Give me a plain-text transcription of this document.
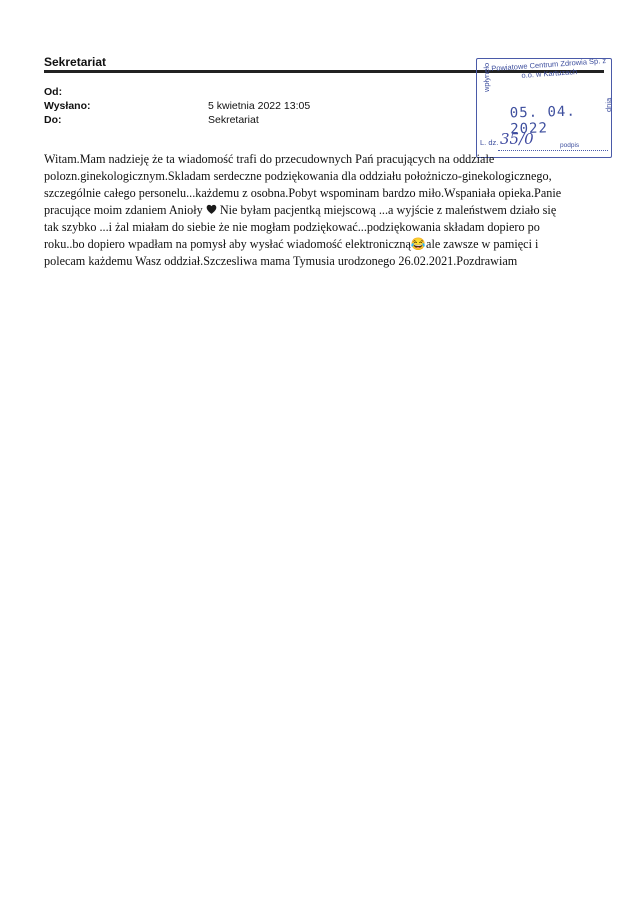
Sekretariat
Od:
Wysłano:	5 kwietnia 2022 13:05
Do:	Sekretariat
Powiatowe Centrum Zdrowia Sp. z o.o. w Kartuzach
wpłynęło
05. 04. 2022
dnia
L. dz. 35/0	podpis
Witam.Mam nadzieję że ta wiadomość trafi do przecudownych Pań pracujących na oddziale
polozn.ginekologicznym.Skladam serdeczne podziękowania dla oddziału położniczo-ginekologicznego,
szczególnie całego personelu...każdemu z osobna.Pobyt wspominam bardzo miło.Wspaniała opieka.Panie
pracujące moim zdaniem Anioły  Nie byłam pacjentką miejscową ...a wyjście z maleństwem działo się
tak szybko ...i żal miałam do siebie że nie mogłam podziękować...podziękowania składam dopiero po
roku..bo dopiero wpadłam na pomysł aby wysłać wiadomość elektroniczną😂ale zawsze w pamięci i
polecam każdemu Wasz oddział.Szczesliwa mama Tymusia urodzonego 26.02.2021.Pozdrawiam
